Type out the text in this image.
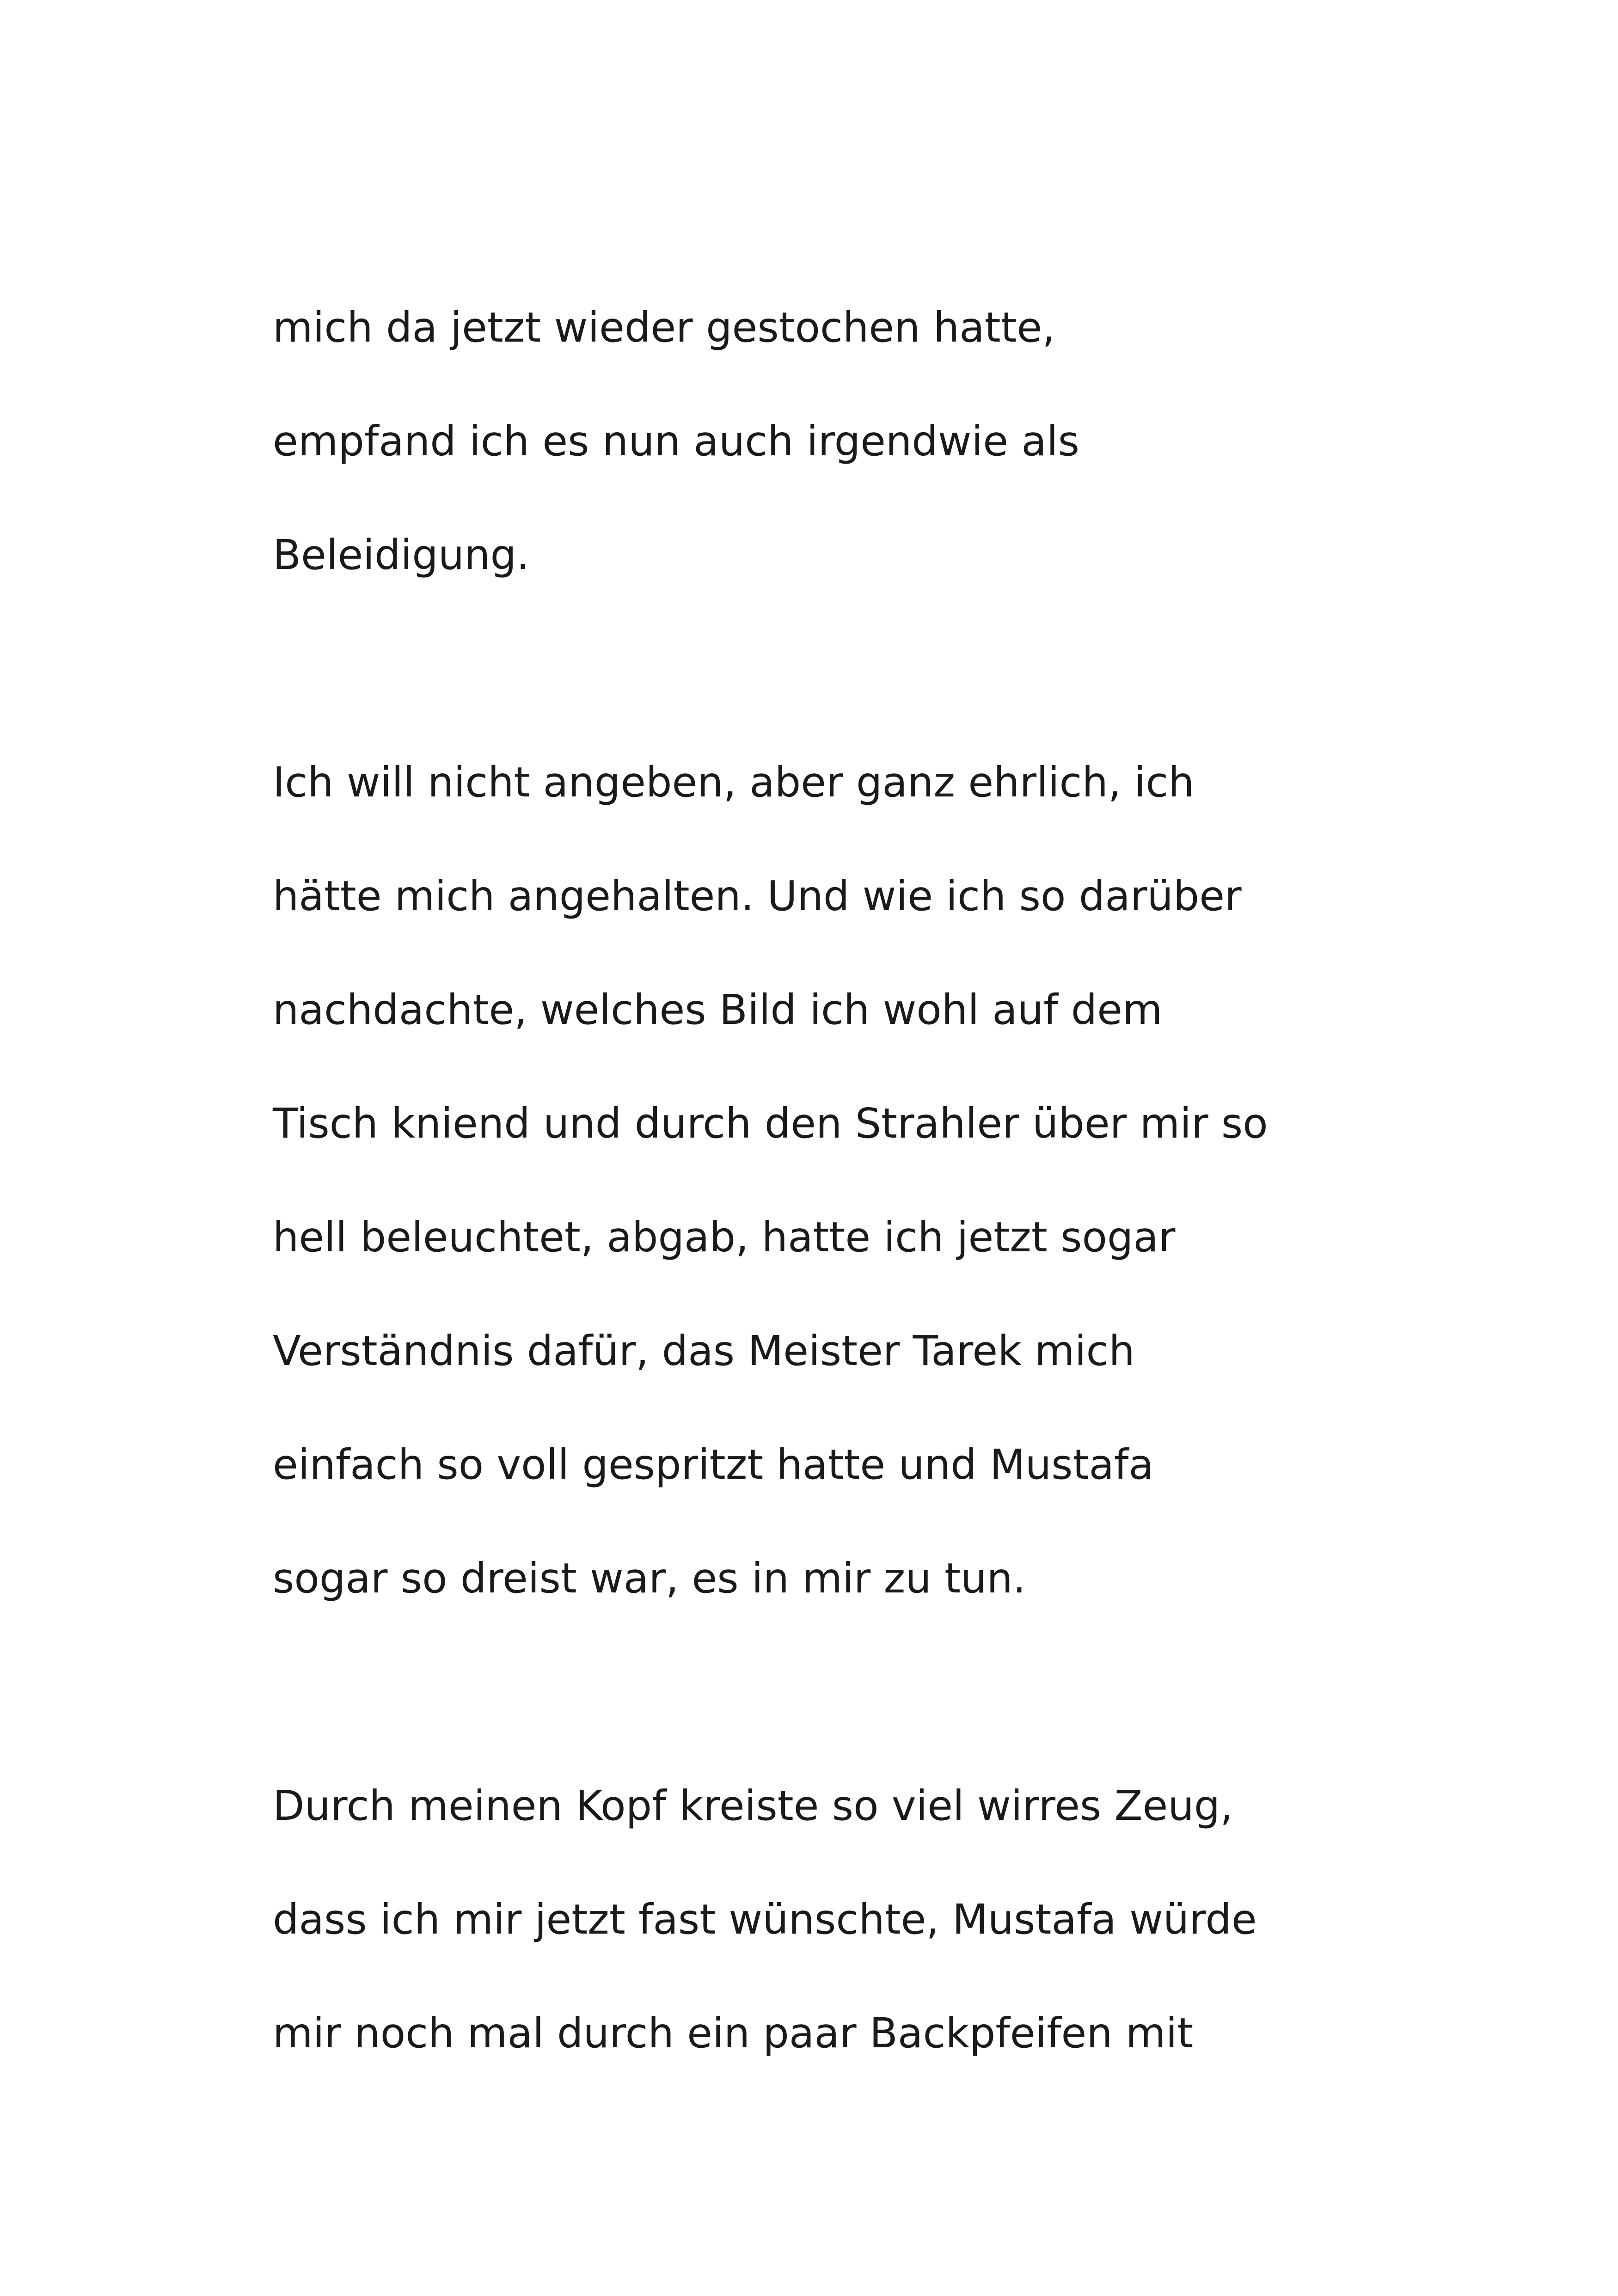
mich da jetzt wieder gestochen hatte,
empfand ich es nun auch irgendwie als
Beleidigung.
Ich will nicht angeben, aber ganz ehrlich, ich
hätte mich angehalten. Und wie ich so darüber
nachdachte, welches Bild ich wohl auf dem
Tisch kniend und durch den Strahler über mir so
hell beleuchtet, abgab, hatte ich jetzt sogar
Verständnis dafür, das Meister Tarek mich
einfach so voll gespritzt hatte und Mustafa
sogar so dreist war, es in mir zu tun.
Durch meinen Kopf kreiste so viel wirres Zeug,
dass ich mir jetzt fast wünschte, Mustafa würde
mir noch mal durch ein paar Backpfeifen mit
